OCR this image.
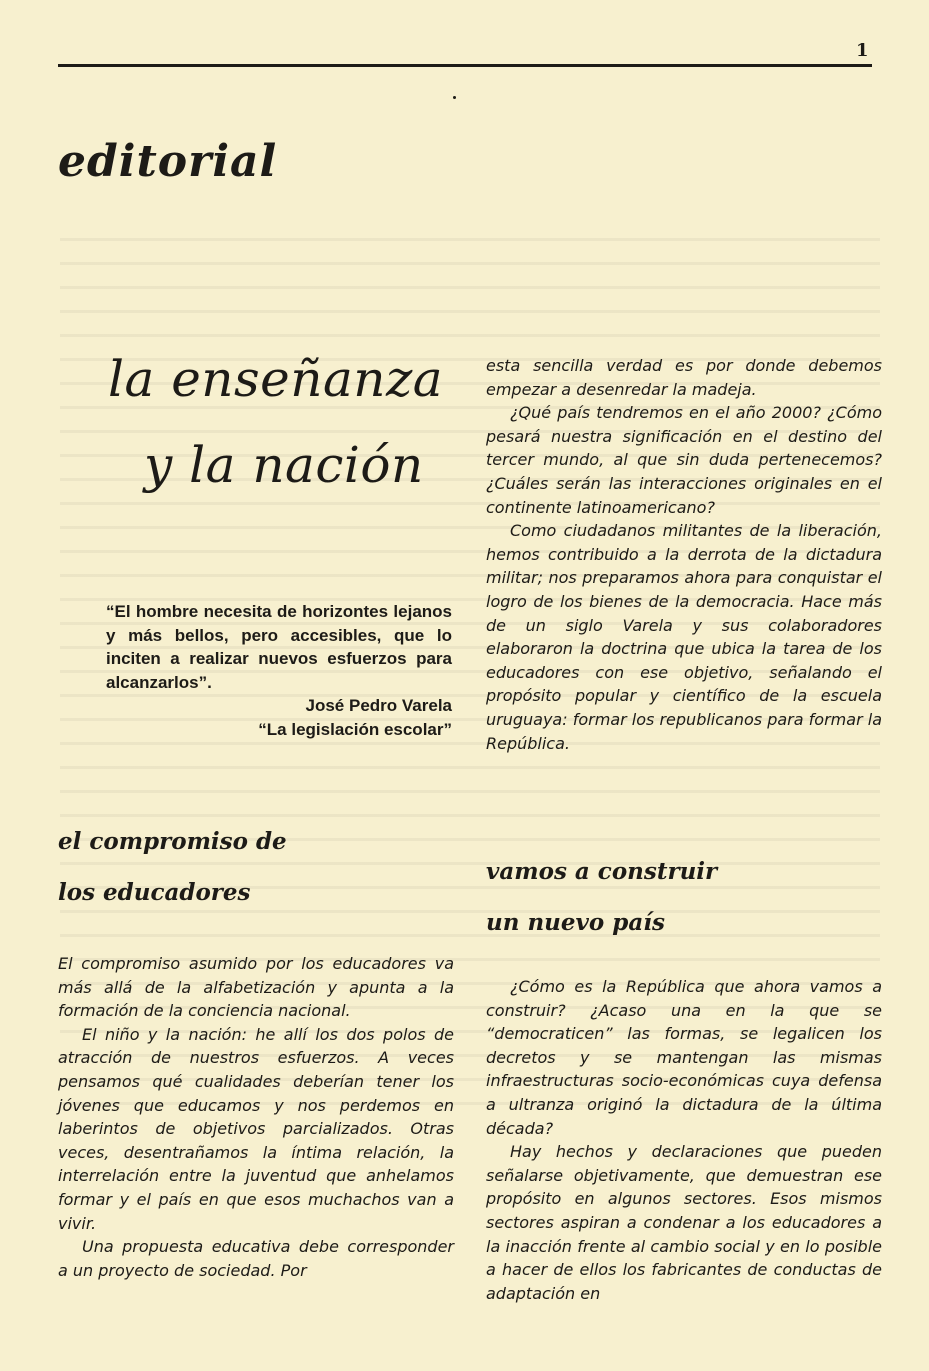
1
editorial
la enseñanza
y la nación

“El hombre necesita de horizontes lejanos y más bellos, pero accesibles, que lo inciten a realizar nuevos esfuerzos para alcanzarlos”.

José Pedro Varela

“La legislación escolar”

el compromiso de
los educadores

El compromiso asumido por los educadores va más allá de la alfabetización y apunta a la formación de la conciencia nacional.

El niño y la nación: he allí los dos polos de atracción de nuestros esfuerzos. A veces pensamos qué cualidades deberían tener los jóvenes que educamos y nos perdemos en laberintos de objetivos parcializados. Otras veces, desentrañamos la íntima relación, la interrelación entre la juventud que anhelamos formar y el país en que esos muchachos van a vivir.

Una propuesta educativa debe corresponder a un proyecto de sociedad. Por

esta sencilla verdad es por donde debemos empezar a desenredar la madeja.

¿Qué país tendremos en el año 2000? ¿Cómo pesará nuestra significación en el destino del tercer mundo, al que sin duda pertenecemos? ¿Cuáles serán las interacciones originales en el continente latinoamericano?

Como ciudadanos militantes de la liberación, hemos contribuido a la derrota de la dictadura militar; nos preparamos ahora para conquistar el logro de los bienes de la democracia. Hace más de un siglo Varela y sus colaboradores elaboraron la doctrina que ubica la tarea de los educadores con ese objetivo, señalando el propósito popular y científico de la escuela uruguaya: formar los republicanos para formar la República.

vamos a construir
un nuevo país

¿Cómo es la República que ahora vamos a construir? ¿Acaso una en la que se “democraticen” las formas, se legalicen los decretos y se mantengan las mismas infraestructuras socio-económicas cuya defensa a ultranza originó la dictadura de la última década?

Hay hechos y declaraciones que pueden señalarse objetivamente, que demuestran ese propósito en algunos sectores. Esos mismos sectores aspiran a condenar a los educadores a la inacción frente al cambio social y en lo posible a hacer de ellos los fabricantes de conductas de adaptación en
